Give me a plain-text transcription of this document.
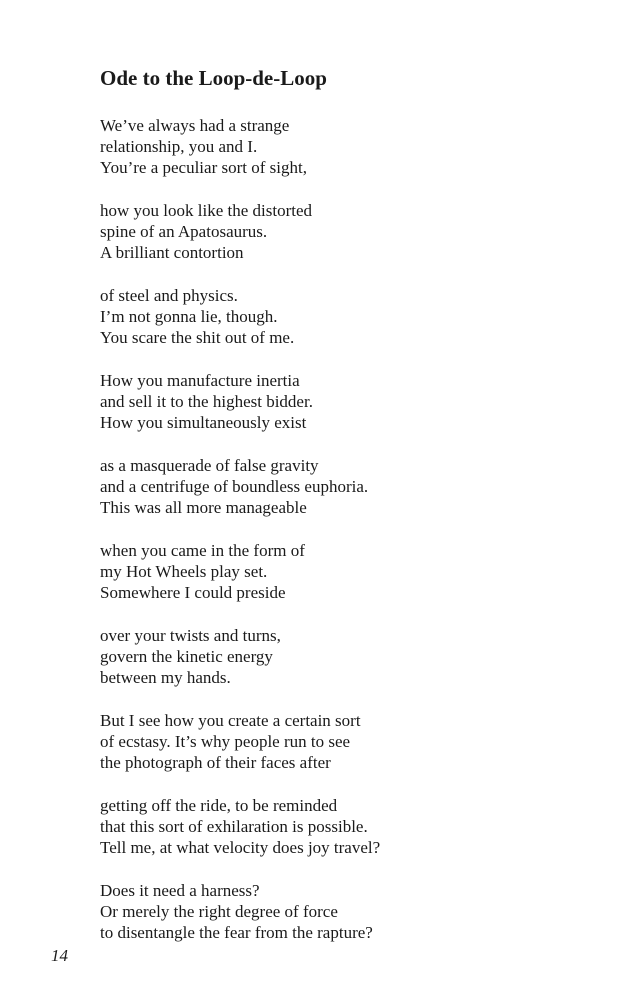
Ode to the Loop-de-Loop
We’ve always had a strange
relationship, you and I.
You’re a peculiar sort of sight,
how you look like the distorted
spine of an Apatosaurus.
A brilliant contortion
of steel and physics.
I’m not gonna lie, though.
You scare the shit out of me.
How you manufacture inertia
and sell it to the highest bidder.
How you simultaneously exist
as a masquerade of false gravity
and a centrifuge of boundless euphoria.
This was all more manageable
when you came in the form of
my Hot Wheels play set.
Somewhere I could preside
over your twists and turns,
govern the kinetic energy
between my hands.
But I see how you create a certain sort
of ecstasy. It’s why people run to see
the photograph of their faces after
getting off the ride, to be reminded
that this sort of exhilaration is possible.
Tell me, at what velocity does joy travel?
Does it need a harness?
Or merely the right degree of force
to disentangle the fear from the rapture?
14
